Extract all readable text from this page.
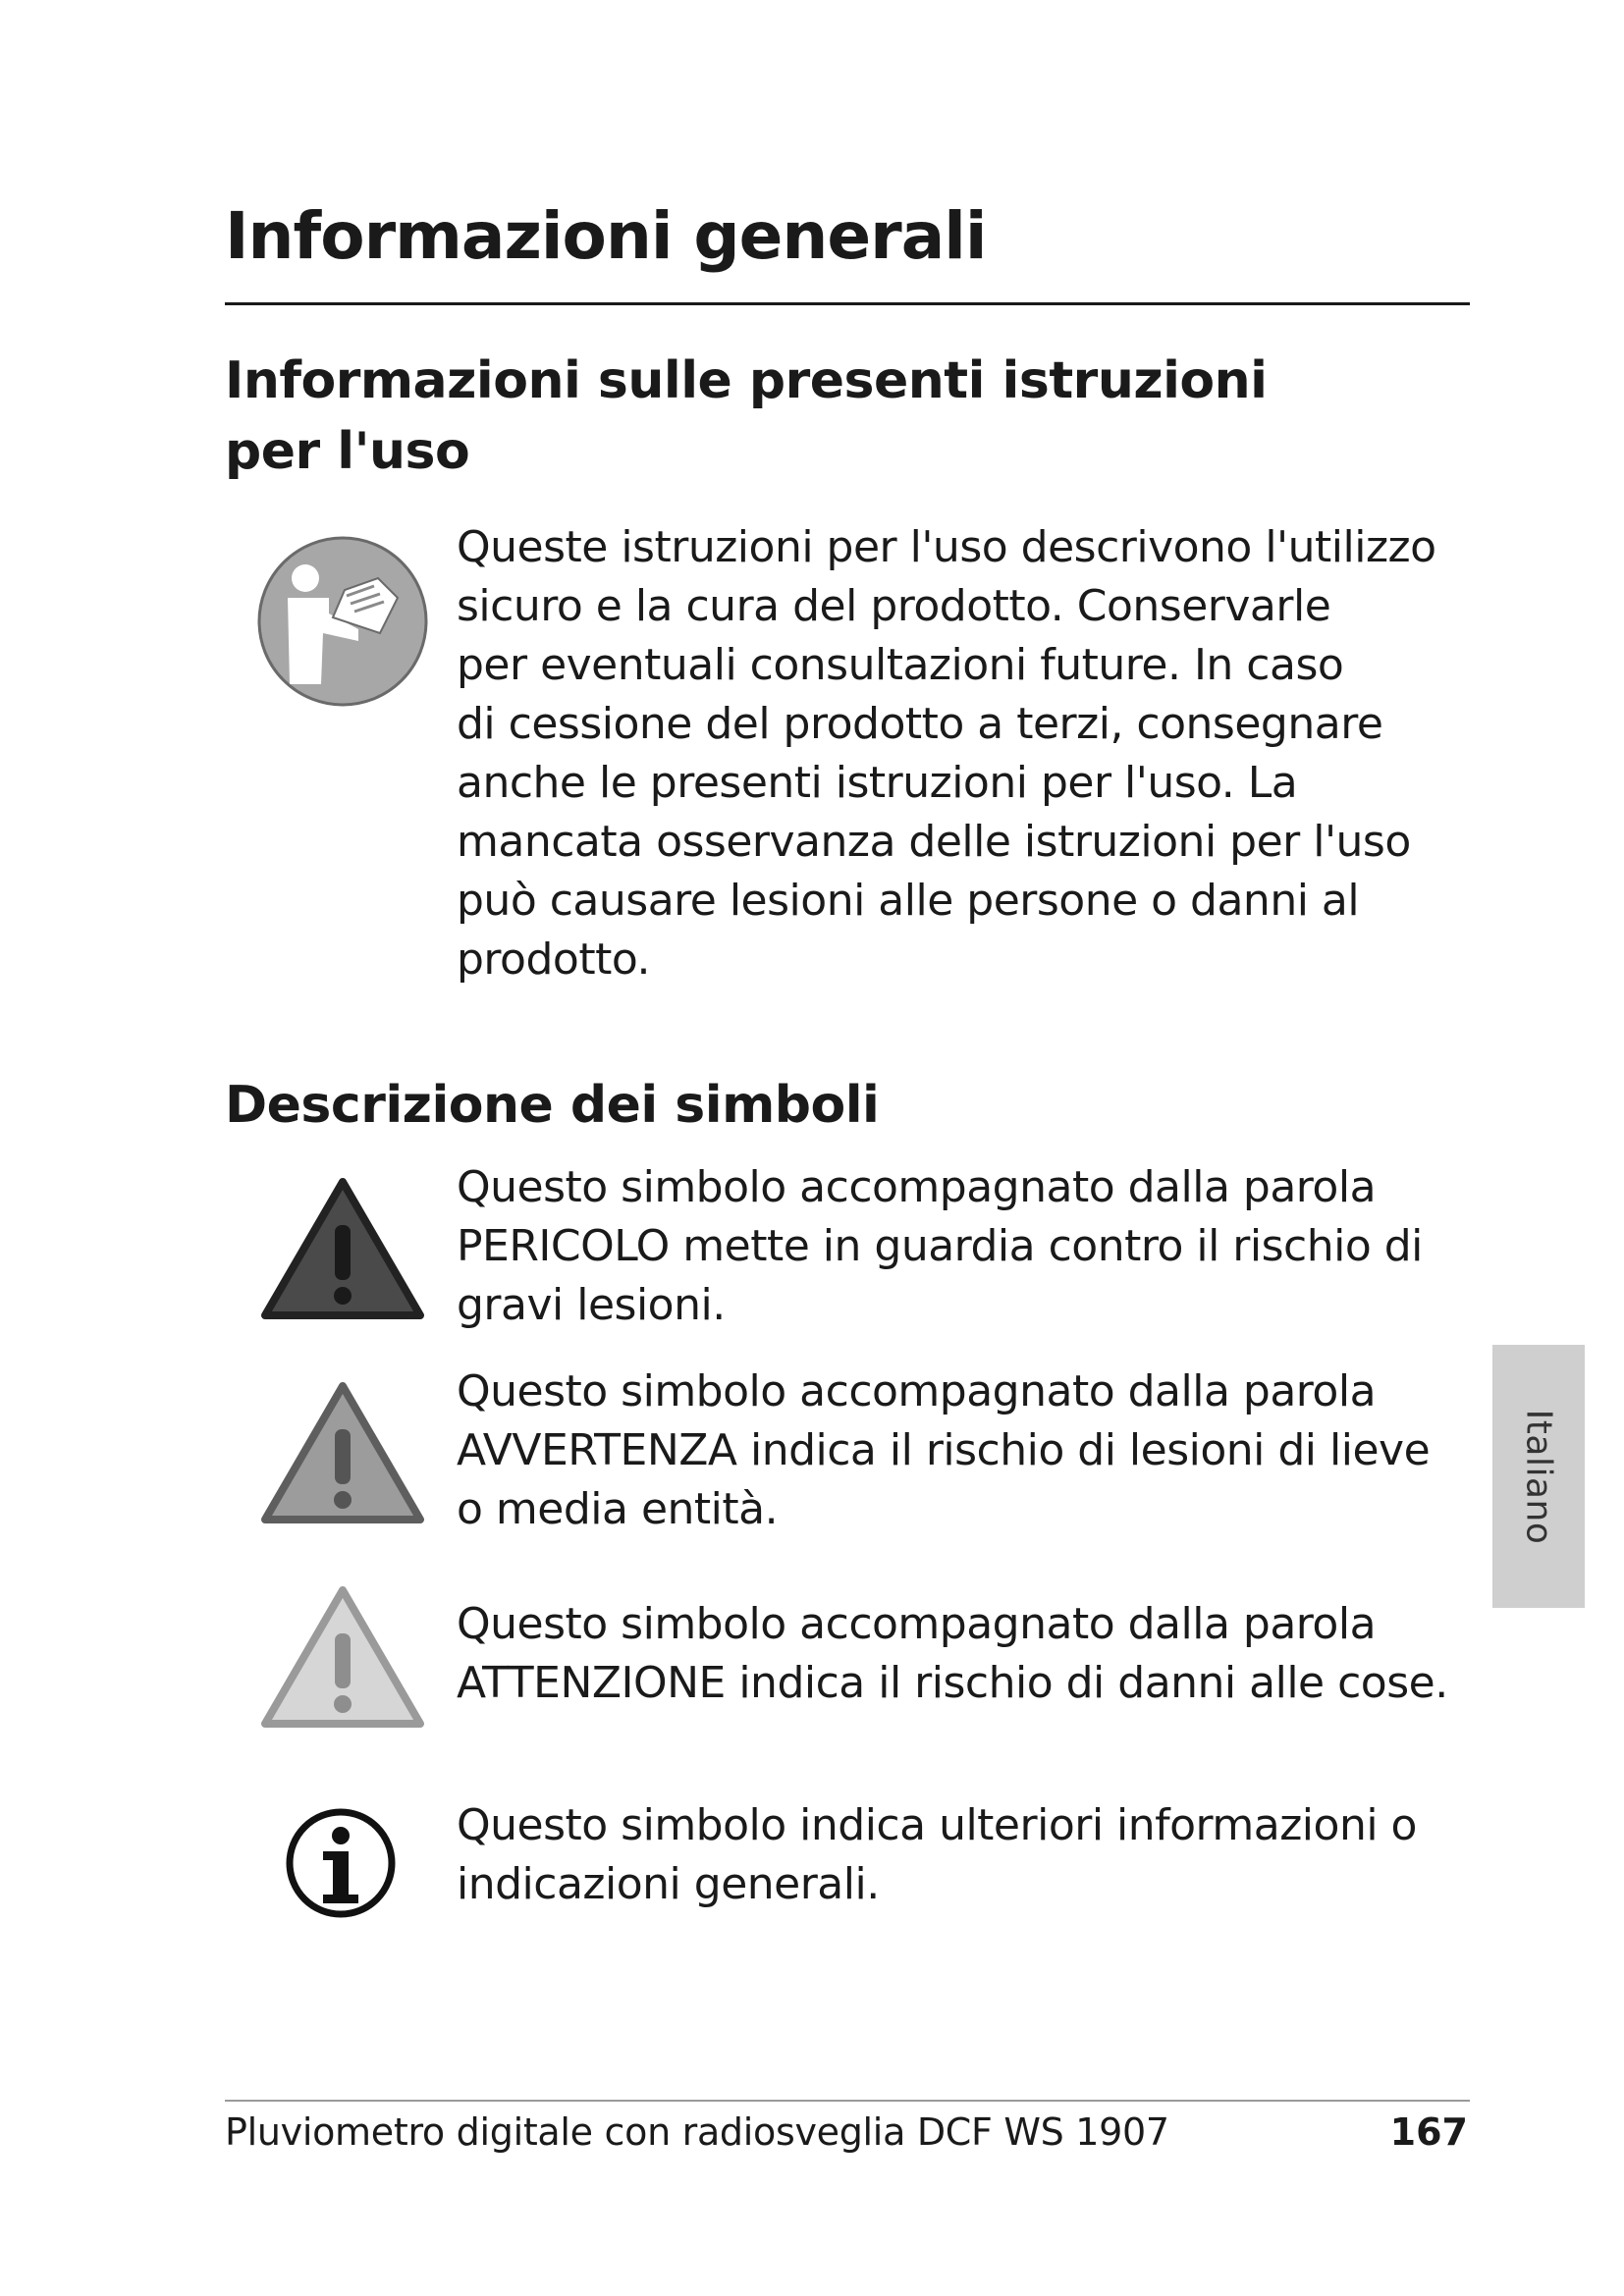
Informazioni generali
Informazioni sulle presenti istruzioni
per l'uso

Queste istruzioni per l'uso descrivono l'utilizzo
sicuro e la cura del prodotto. Conservarle
per eventuali consultazioni future. In caso
di cessione del prodotto a terzi, consegnare
anche le presenti istruzioni per l'uso. La
mancata osservanza delle istruzioni per l'uso
può causare lesioni alle persone o danni al
prodotto.

Descrizione dei simboli

Questo simbolo accompagnato dalla parola
PERICOLO mette in guardia contro il rischio di
gravi lesioni.

Questo simbolo accompagnato dalla parola
AVVERTENZA indica il rischio di lesioni di lieve
o media entità.

Questo simbolo accompagnato dalla parola
ATTENZIONE indica il rischio di danni alle cose.

Questo simbolo indica ulteriori informazioni o
indicazioni generali.

Italiano
Pluviometro digitale con radiosveglia DCF WS 1907	167
